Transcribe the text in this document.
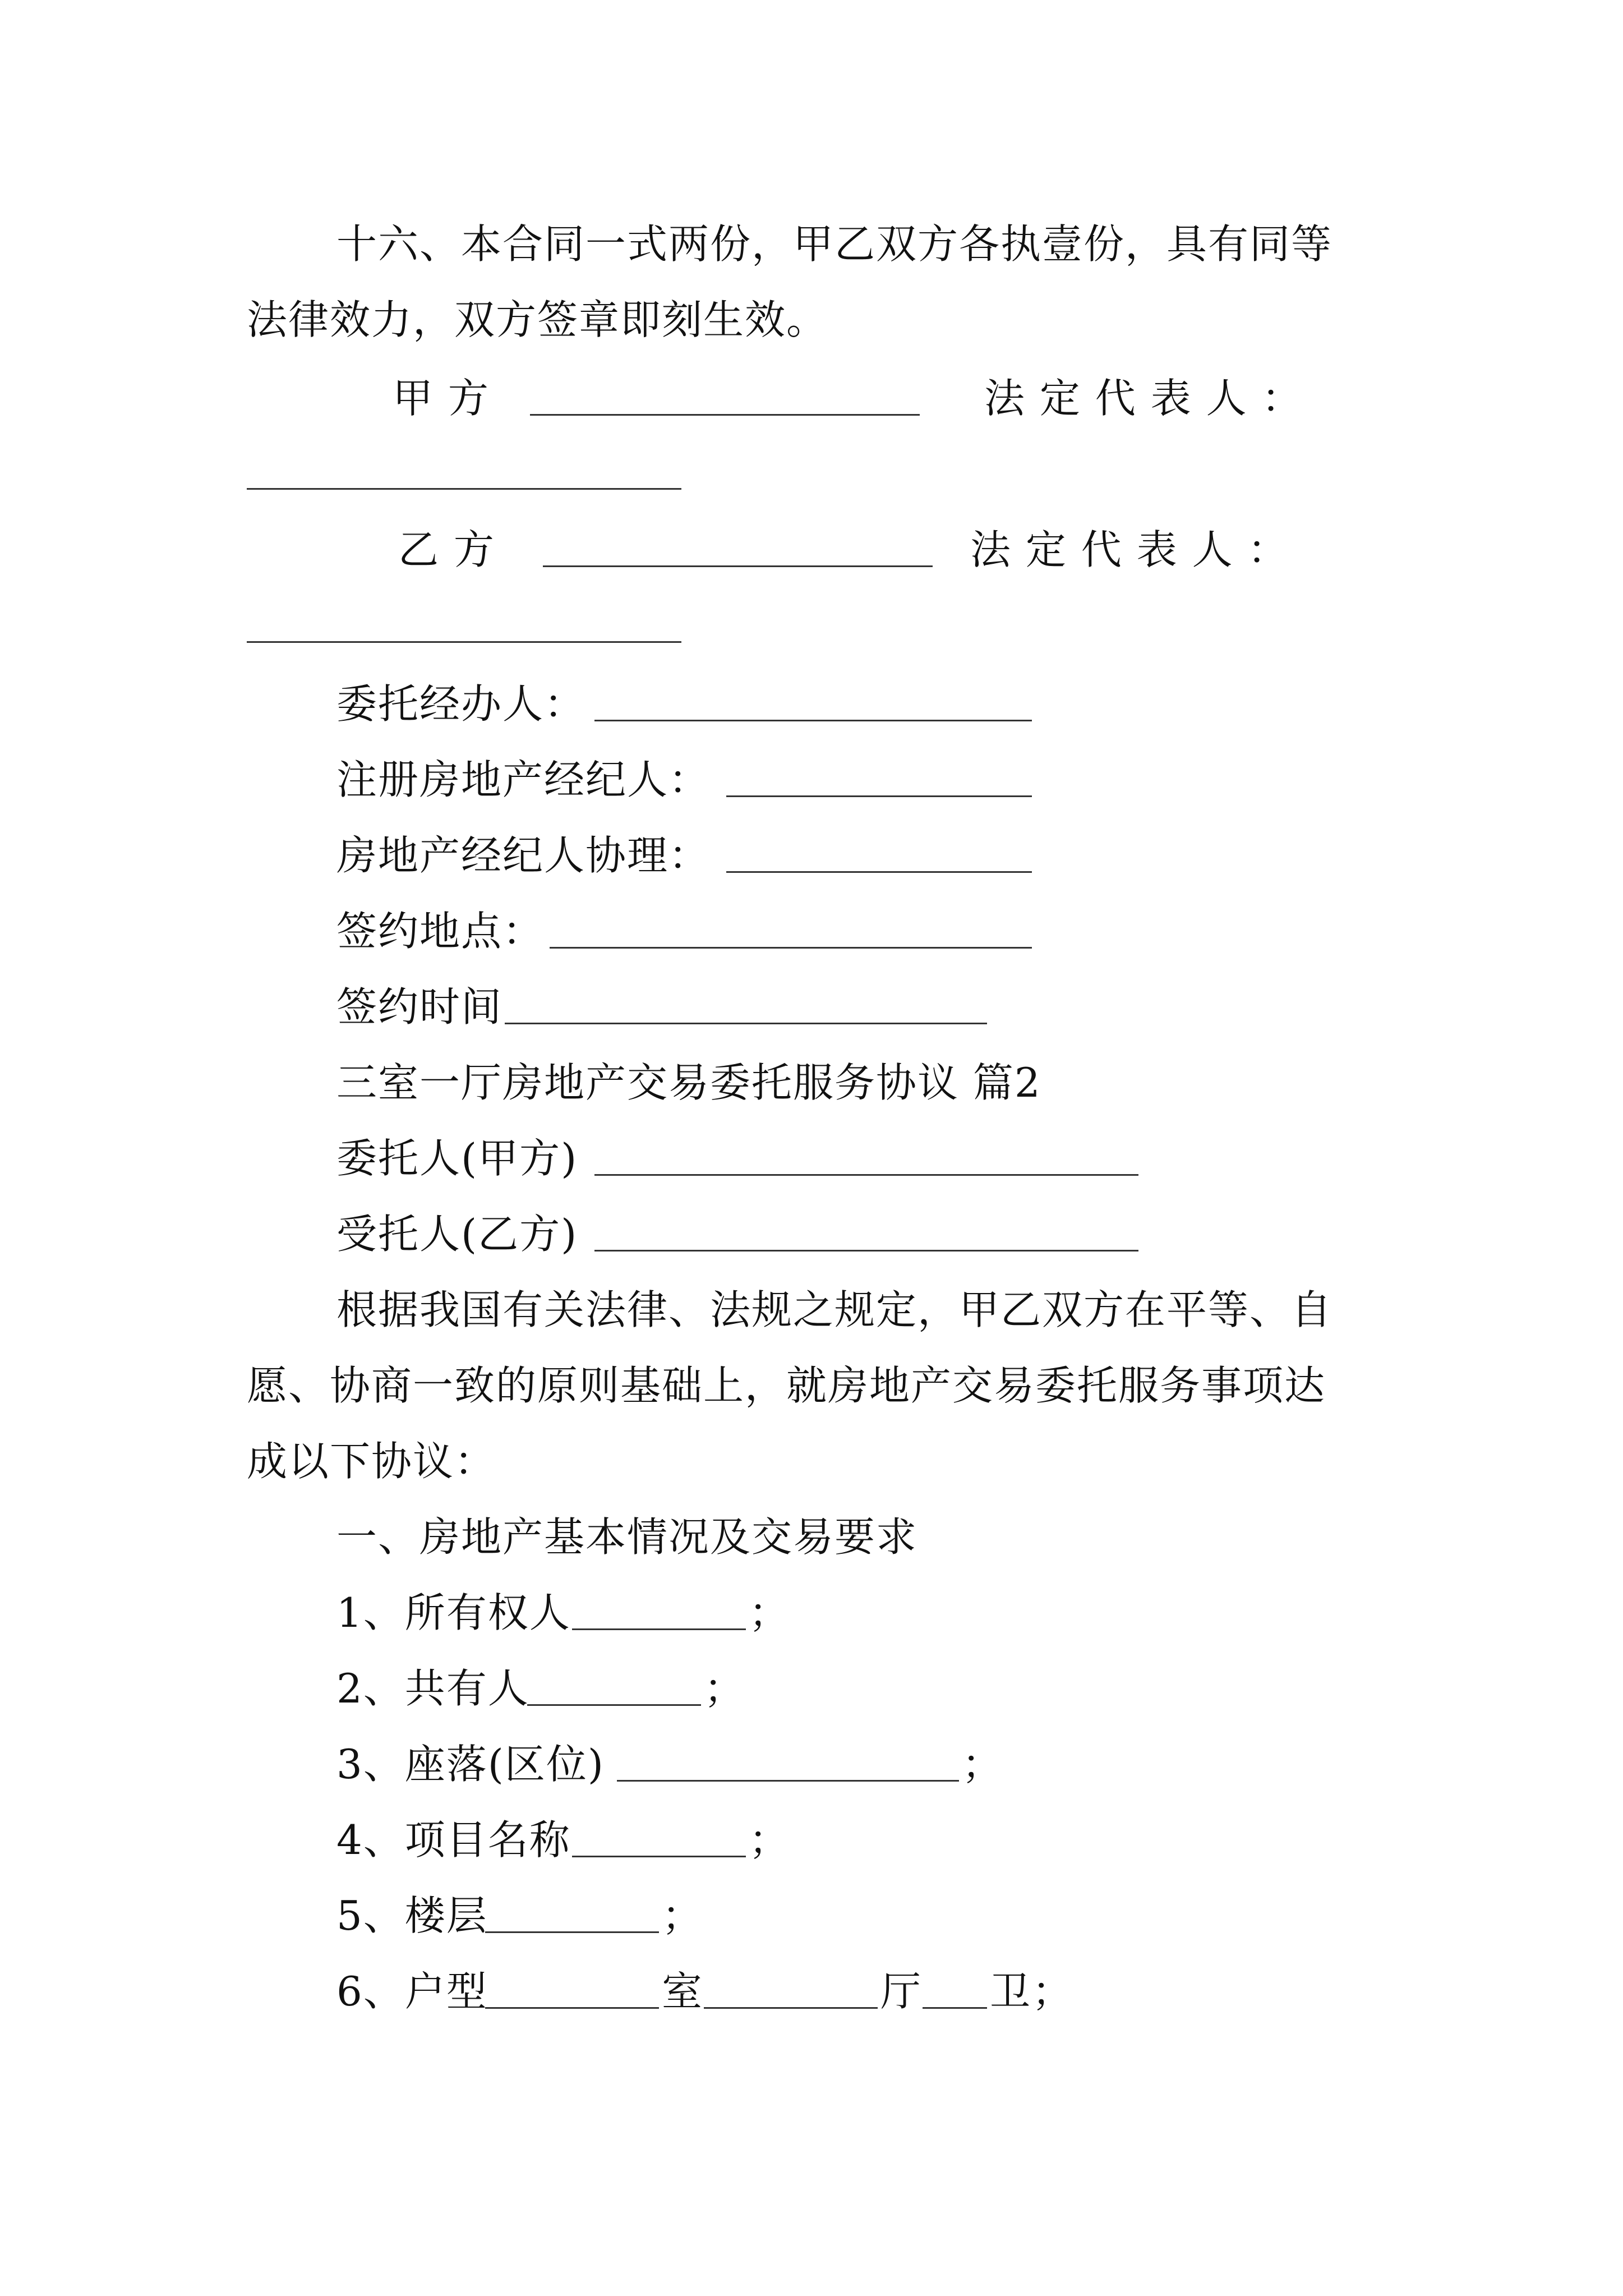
十六、本合同一式两份，甲乙双方各执壹份，具有同等
法律效力，双方签章即刻生效。
甲 方	法 定 代 表 人 ：
乙 方	法 定 代 表 人 ：
委托经办人：
注册房地产经纪人：
房地产经纪人协理：
签约地点：
签约时间
三室一厅房地产交易委托服务协议 篇2
委托人(甲方)
受托人(乙方)
根据我国有关法律、法规之规定，甲乙双方在平等、自
愿、协商一致的原则基础上，就房地产交易委托服务事项达
成以下协议：
一、房地产基本情况及交易要求
1、所有权人	；
2、共有人	；
3、座落(区位)	；
4、项目名称	；
5、楼层	；
6、户型	室	厅 卫 ；
